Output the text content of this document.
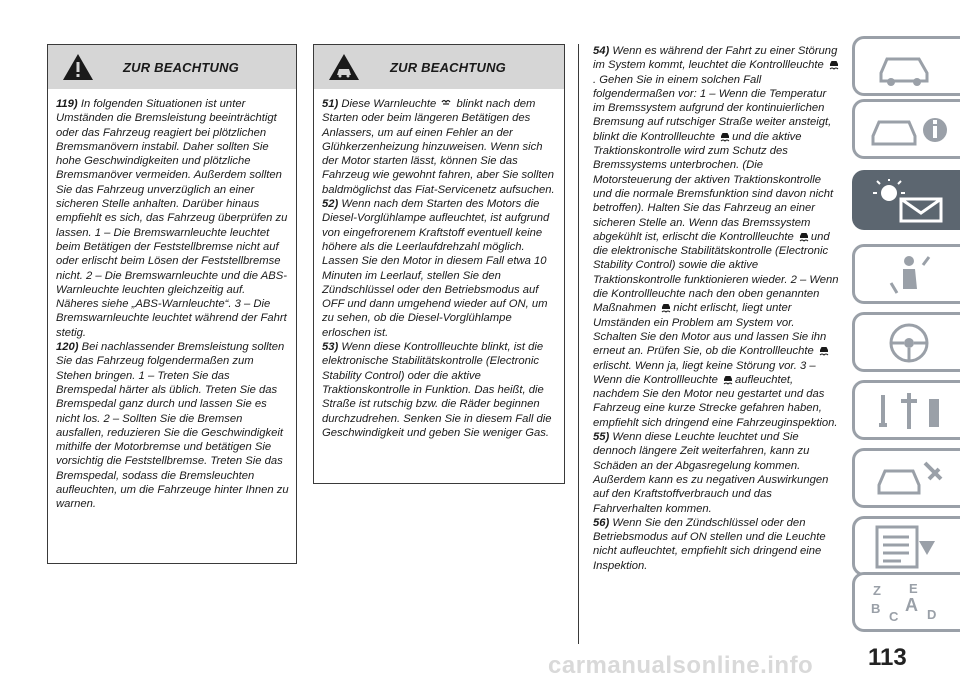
ZUR BEACHTUNG

119) In folgenden Situationen ist unter Umständen die Bremsleistung beeinträchtigt oder das Fahrzeug reagiert bei plötzlichen Bremsmanövern instabil. Daher sollten Sie hohe Geschwindigkeiten und plötzliche Bremsmanöver vermeiden. Außerdem sollten Sie das Fahrzeug unverzüglich an einer sicheren Stelle anhalten. Darüber hinaus empfiehlt es sich, das Fahrzeug überprüfen zu lassen. 1 – Die Bremswarnleuchte leuchtet beim Betätigen der Feststellbremse nicht auf oder erlischt beim Lösen der Feststellbremse nicht. 2 – Die Bremswarnleuchte und die ABS-Warnleuchte leuchten gleichzeitig auf. Näheres siehe „ABS-Warnleuchte“. 3 – Die Bremswarnleuchte leuchtet während der Fahrt stetig.

120) Bei nachlassender Bremsleistung sollten Sie das Fahrzeug folgendermaßen zum Stehen bringen. 1 – Treten Sie das Bremspedal härter als üblich. Treten Sie das Bremspedal ganz durch und lassen Sie es nicht los. 2 – Sollten Sie die Bremsen ausfallen, reduzieren Sie die Geschwindigkeit mithilfe der Motorbremse und betätigen Sie vorsichtig die Feststellbremse. Treten Sie das Bremspedal, sodass die Bremsleuchten aufleuchten, um die Fahrzeuge hinter Ihnen zu warnen.

ZUR BEACHTUNG

51) Diese Warnleuchte blinkt nach dem Starten oder beim längeren Betätigen des Anlassers, um auf einen Fehler an der Glühkerzenheizung hinzuweisen. Wenn sich der Motor starten lässt, können Sie das Fahrzeug wie gewohnt fahren, aber Sie sollten baldmöglichst das Fiat-Servicenetz aufsuchen.

52) Wenn nach dem Starten des Motors die Diesel-Vorglühlampe aufleuchtet, ist aufgrund von eingefrorenem Kraftstoff eventuell keine höhere als die Leerlaufdrehzahl möglich. Lassen Sie den Motor in diesem Fall etwa 10 Minuten im Leerlauf, stellen Sie den Zündschlüssel oder den Betriebsmodus auf OFF und dann umgehend wieder auf ON, um zu sehen, ob die Diesel-Vorglühlampe erloschen ist.

53) Wenn diese Kontrollleuchte blinkt, ist die elektronische Stabilitätskontrolle (Electronic Stability Control) oder die aktive Traktionskontrolle in Funktion. Das heißt, die Straße ist rutschig bzw. die Räder beginnen durchzudrehen. Senken Sie in diesem Fall die Geschwindigkeit und geben Sie weniger Gas.

54) Wenn es während der Fahrt zu einer Störung im System kommt, leuchtet die Kontrollleuchte . Gehen Sie in einem solchen Fall folgendermaßen vor: 1 – Wenn die Temperatur im Bremssystem aufgrund der kontinuierlichen Bremsung auf rutschiger Straße weiter ansteigt, blinkt die Kontrollleuchte und die aktive Traktionskontrolle wird zum Schutz des Bremssystems unterbrochen. (Die Motorsteuerung der aktiven Traktionskontrolle und die normale Bremsfunktion sind davon nicht betroffen). Halten Sie das Fahrzeug an einer sicheren Stelle an. Wenn das Bremssystem abgekühlt ist, erlischt die Kontrollleuchte und die elektronische Stabilitätskontrolle (Electronic Stability Control) sowie die aktive Traktionskontrolle funktionieren wieder. 2 – Wenn die Kontrollleuchte nach den oben genannten Maßnahmen nicht erlischt, liegt unter Umständen ein Problem am System vor. Schalten Sie den Motor aus und lassen Sie ihn erneut an. Prüfen Sie, ob die Kontrollleuchte erlischt. Wenn ja, liegt keine Störung vor. 3 – Wenn die Kontrollleuchte aufleuchtet, nachdem Sie den Motor neu gestartet und das Fahrzeug eine kurze Strecke gefahren haben, empfiehlt sich dringend eine Fahrzeuginspektion.

55) Wenn diese Leuchte leuchtet und Sie dennoch längere Zeit weiterfahren, kann zu Schäden an der Abgasregelung kommen. Außerdem kann es zu negativen Auswirkungen auf den Kraftstoffverbrauch und das Fahrverhalten kommen.

56) Wenn Sie den Zündschlüssel oder den Betriebsmodus auf ON stellen und die Leuchte nicht aufleuchtet, empfiehlt sich dringend eine Inspektion.

Z E
B
C
A D
carmanualsonline.info 113
